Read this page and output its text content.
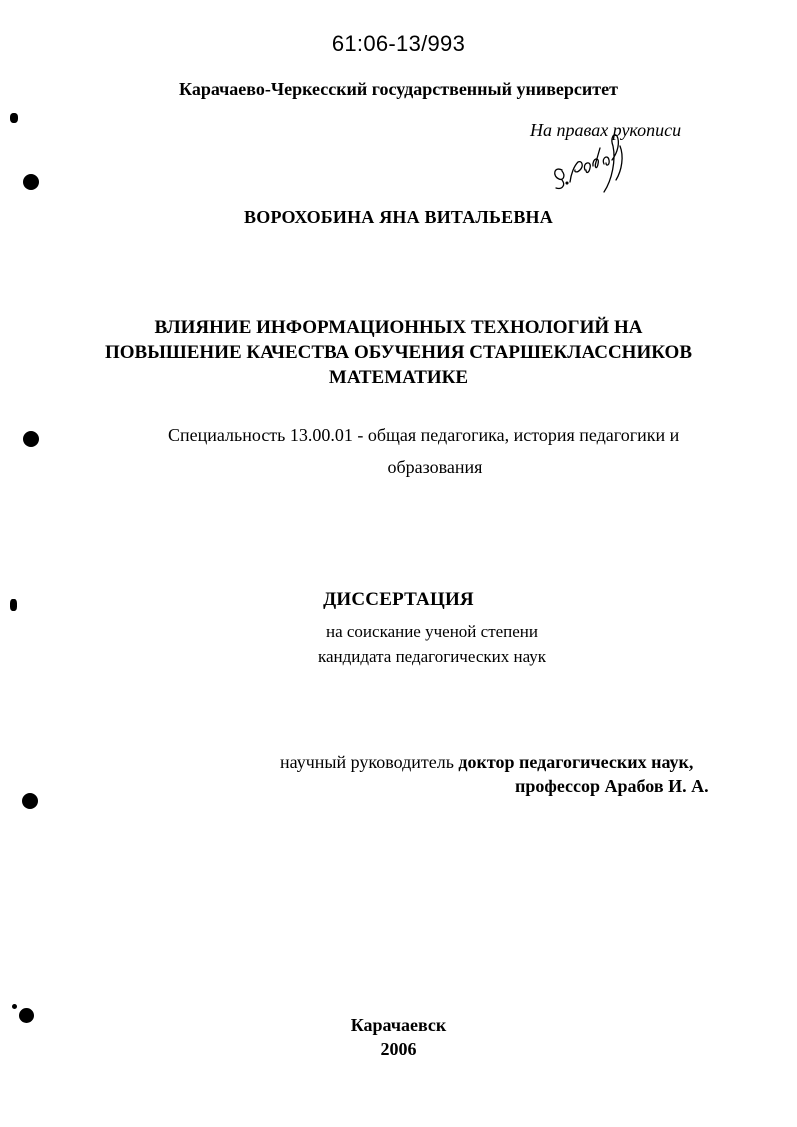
61:06-13/993
Карачаево-Черкесский государственный университет
На правах рукописи
ВОРОХОБИНА ЯНА ВИТАЛЬЕВНА
ВЛИЯНИЕ ИНФОРМАЦИОННЫХ ТЕХНОЛОГИЙ НА
ПОВЫШЕНИЕ КАЧЕСТВА ОБУЧЕНИЯ СТАРШЕКЛАССНИКОВ
МАТЕМАТИКЕ
Специальность 13.00.01 - общая педагогика, история педагогики и
образования
ДИССЕРТАЦИЯ
на соискание ученой степени
кандидата педагогических наук
научный руководитель доктор педагогических наук,
профессор Арабов И. А.
Карачаевск
2006
